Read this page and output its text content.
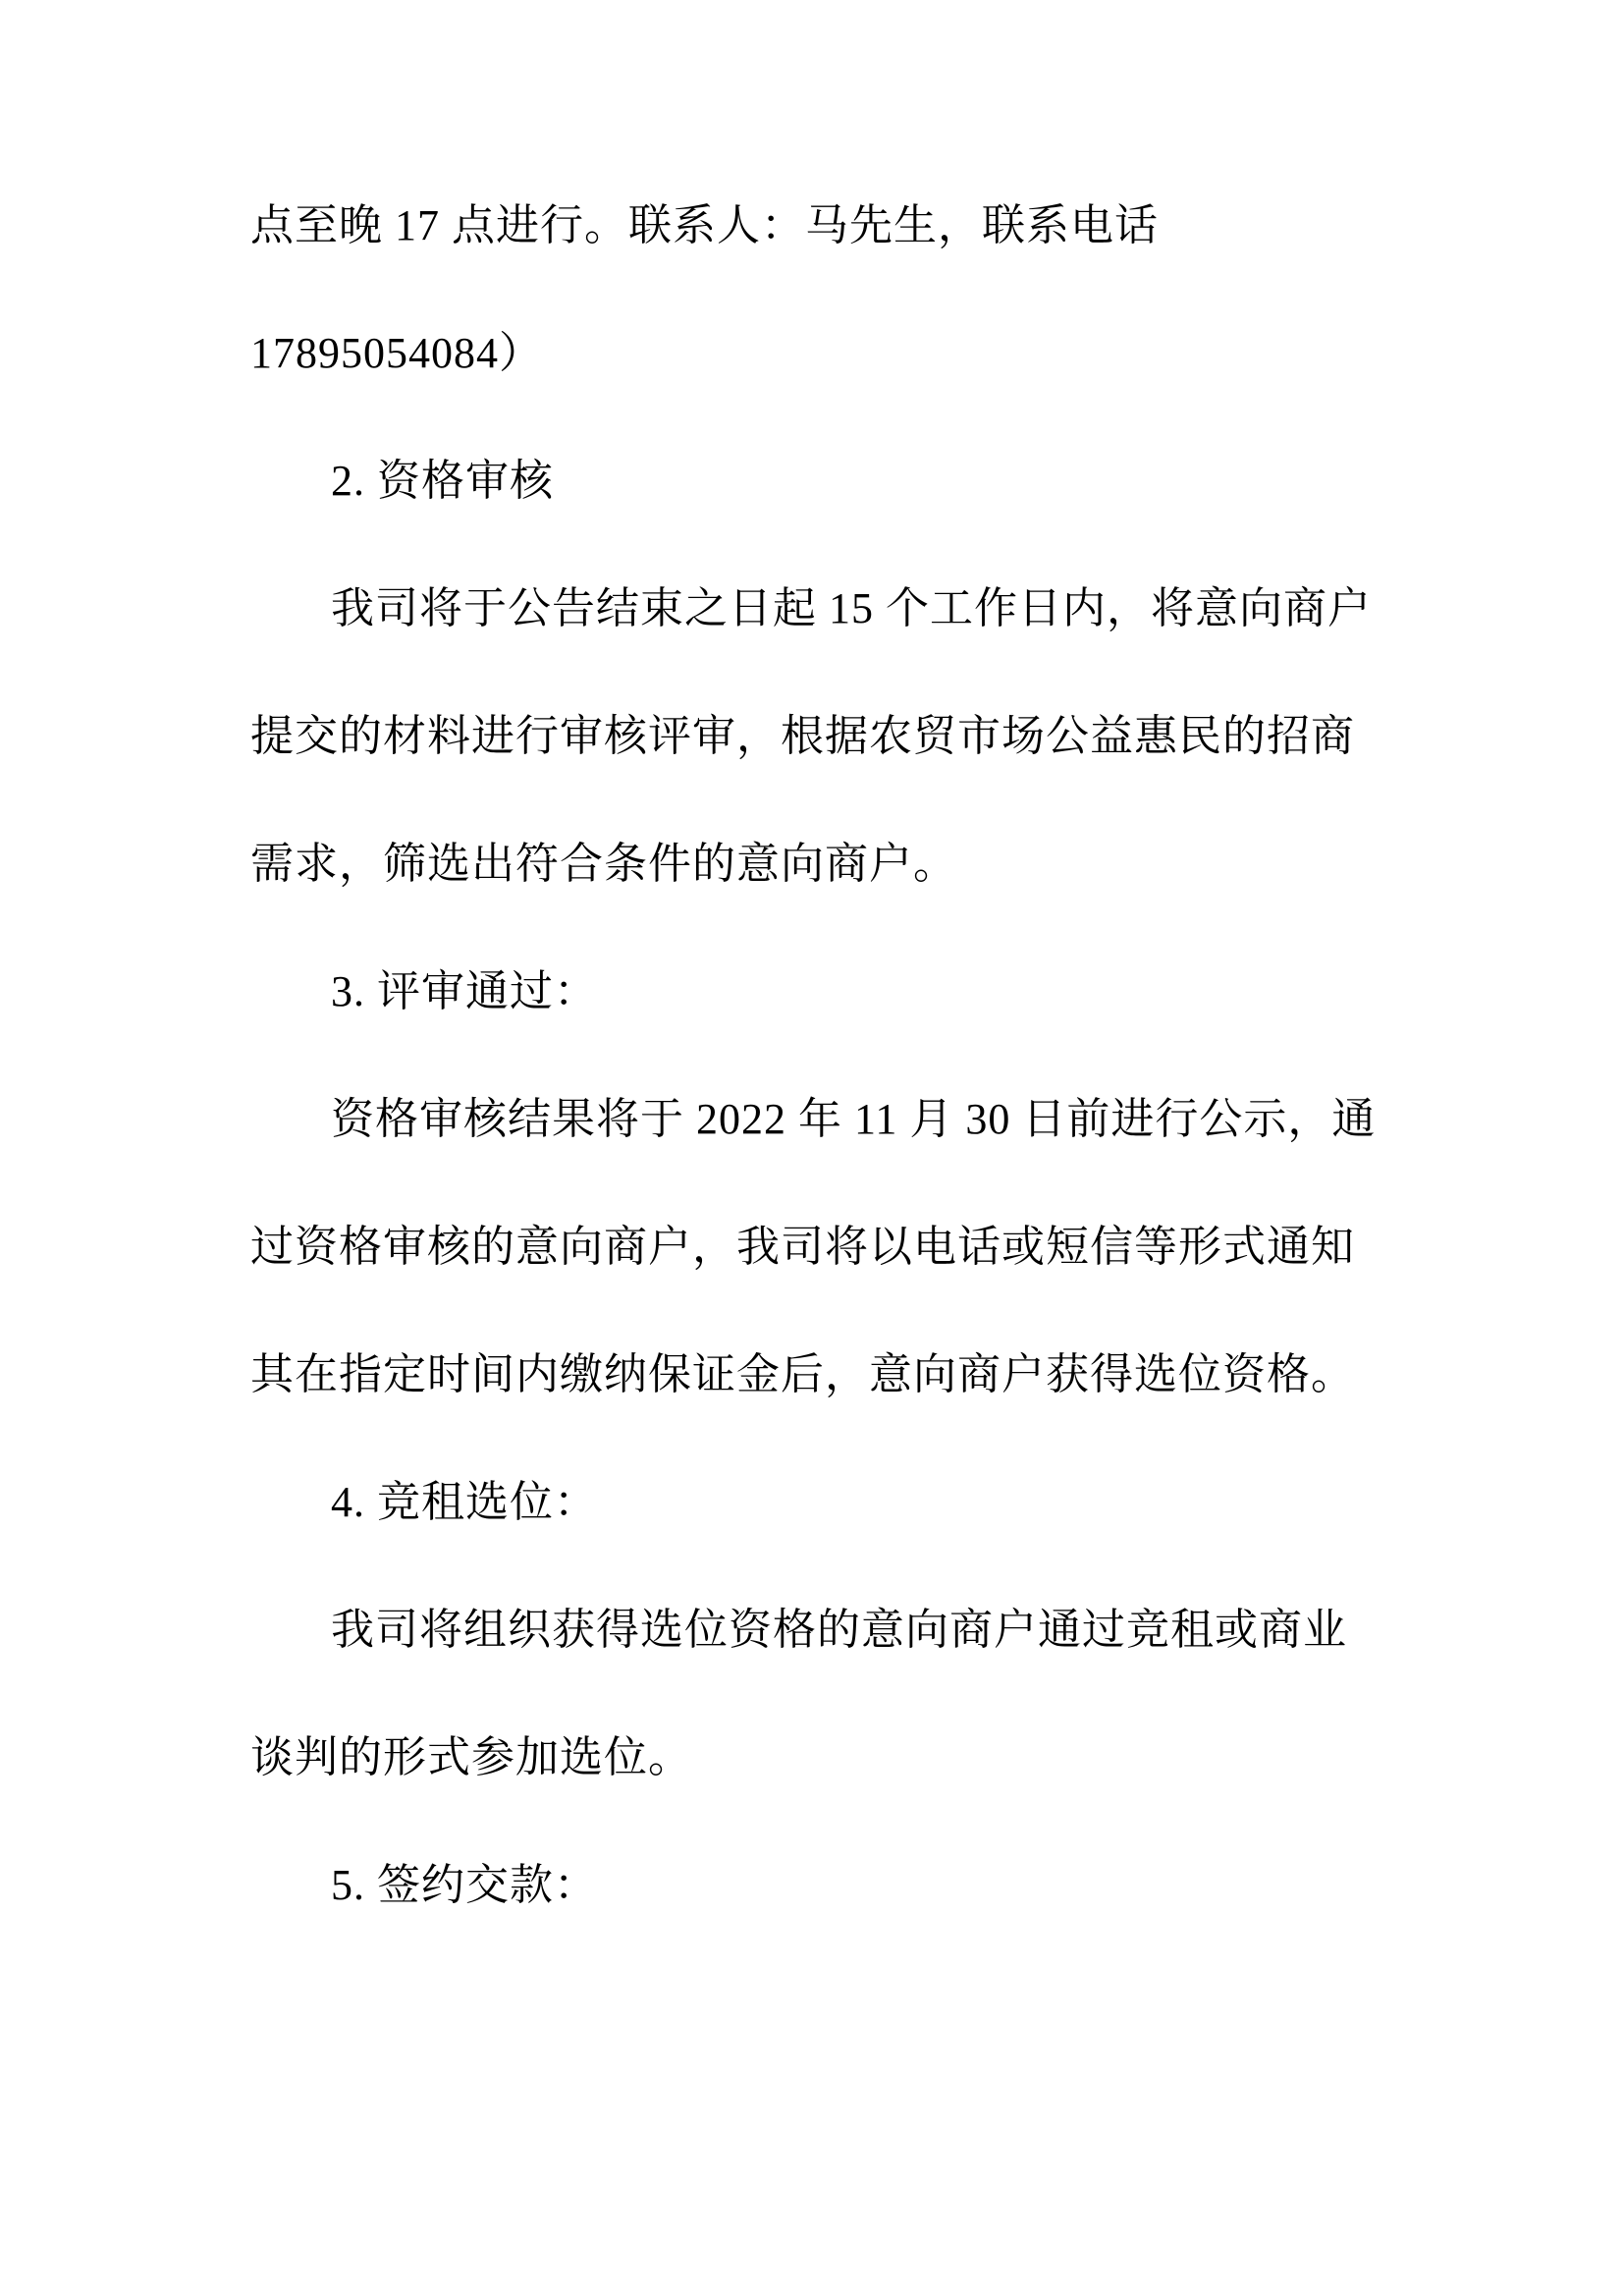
点至晚 17 点进行。联系人：马先生，联系电话
17895054084）
2. 资格审核
我司将于公告结束之日起 15 个工作日内，将意向商户
提交的材料进行审核评审，根据农贸市场公益惠民的招商
需求，筛选出符合条件的意向商户。
3. 评审通过：
资格审核结果将于 2022 年 11 月 30 日前进行公示，通
过资格审核的意向商户，我司将以电话或短信等形式通知
其在指定时间内缴纳保证金后，意向商户获得选位资格。
4. 竞租选位：
我司将组织获得选位资格的意向商户通过竞租或商业
谈判的形式参加选位。
5. 签约交款：
